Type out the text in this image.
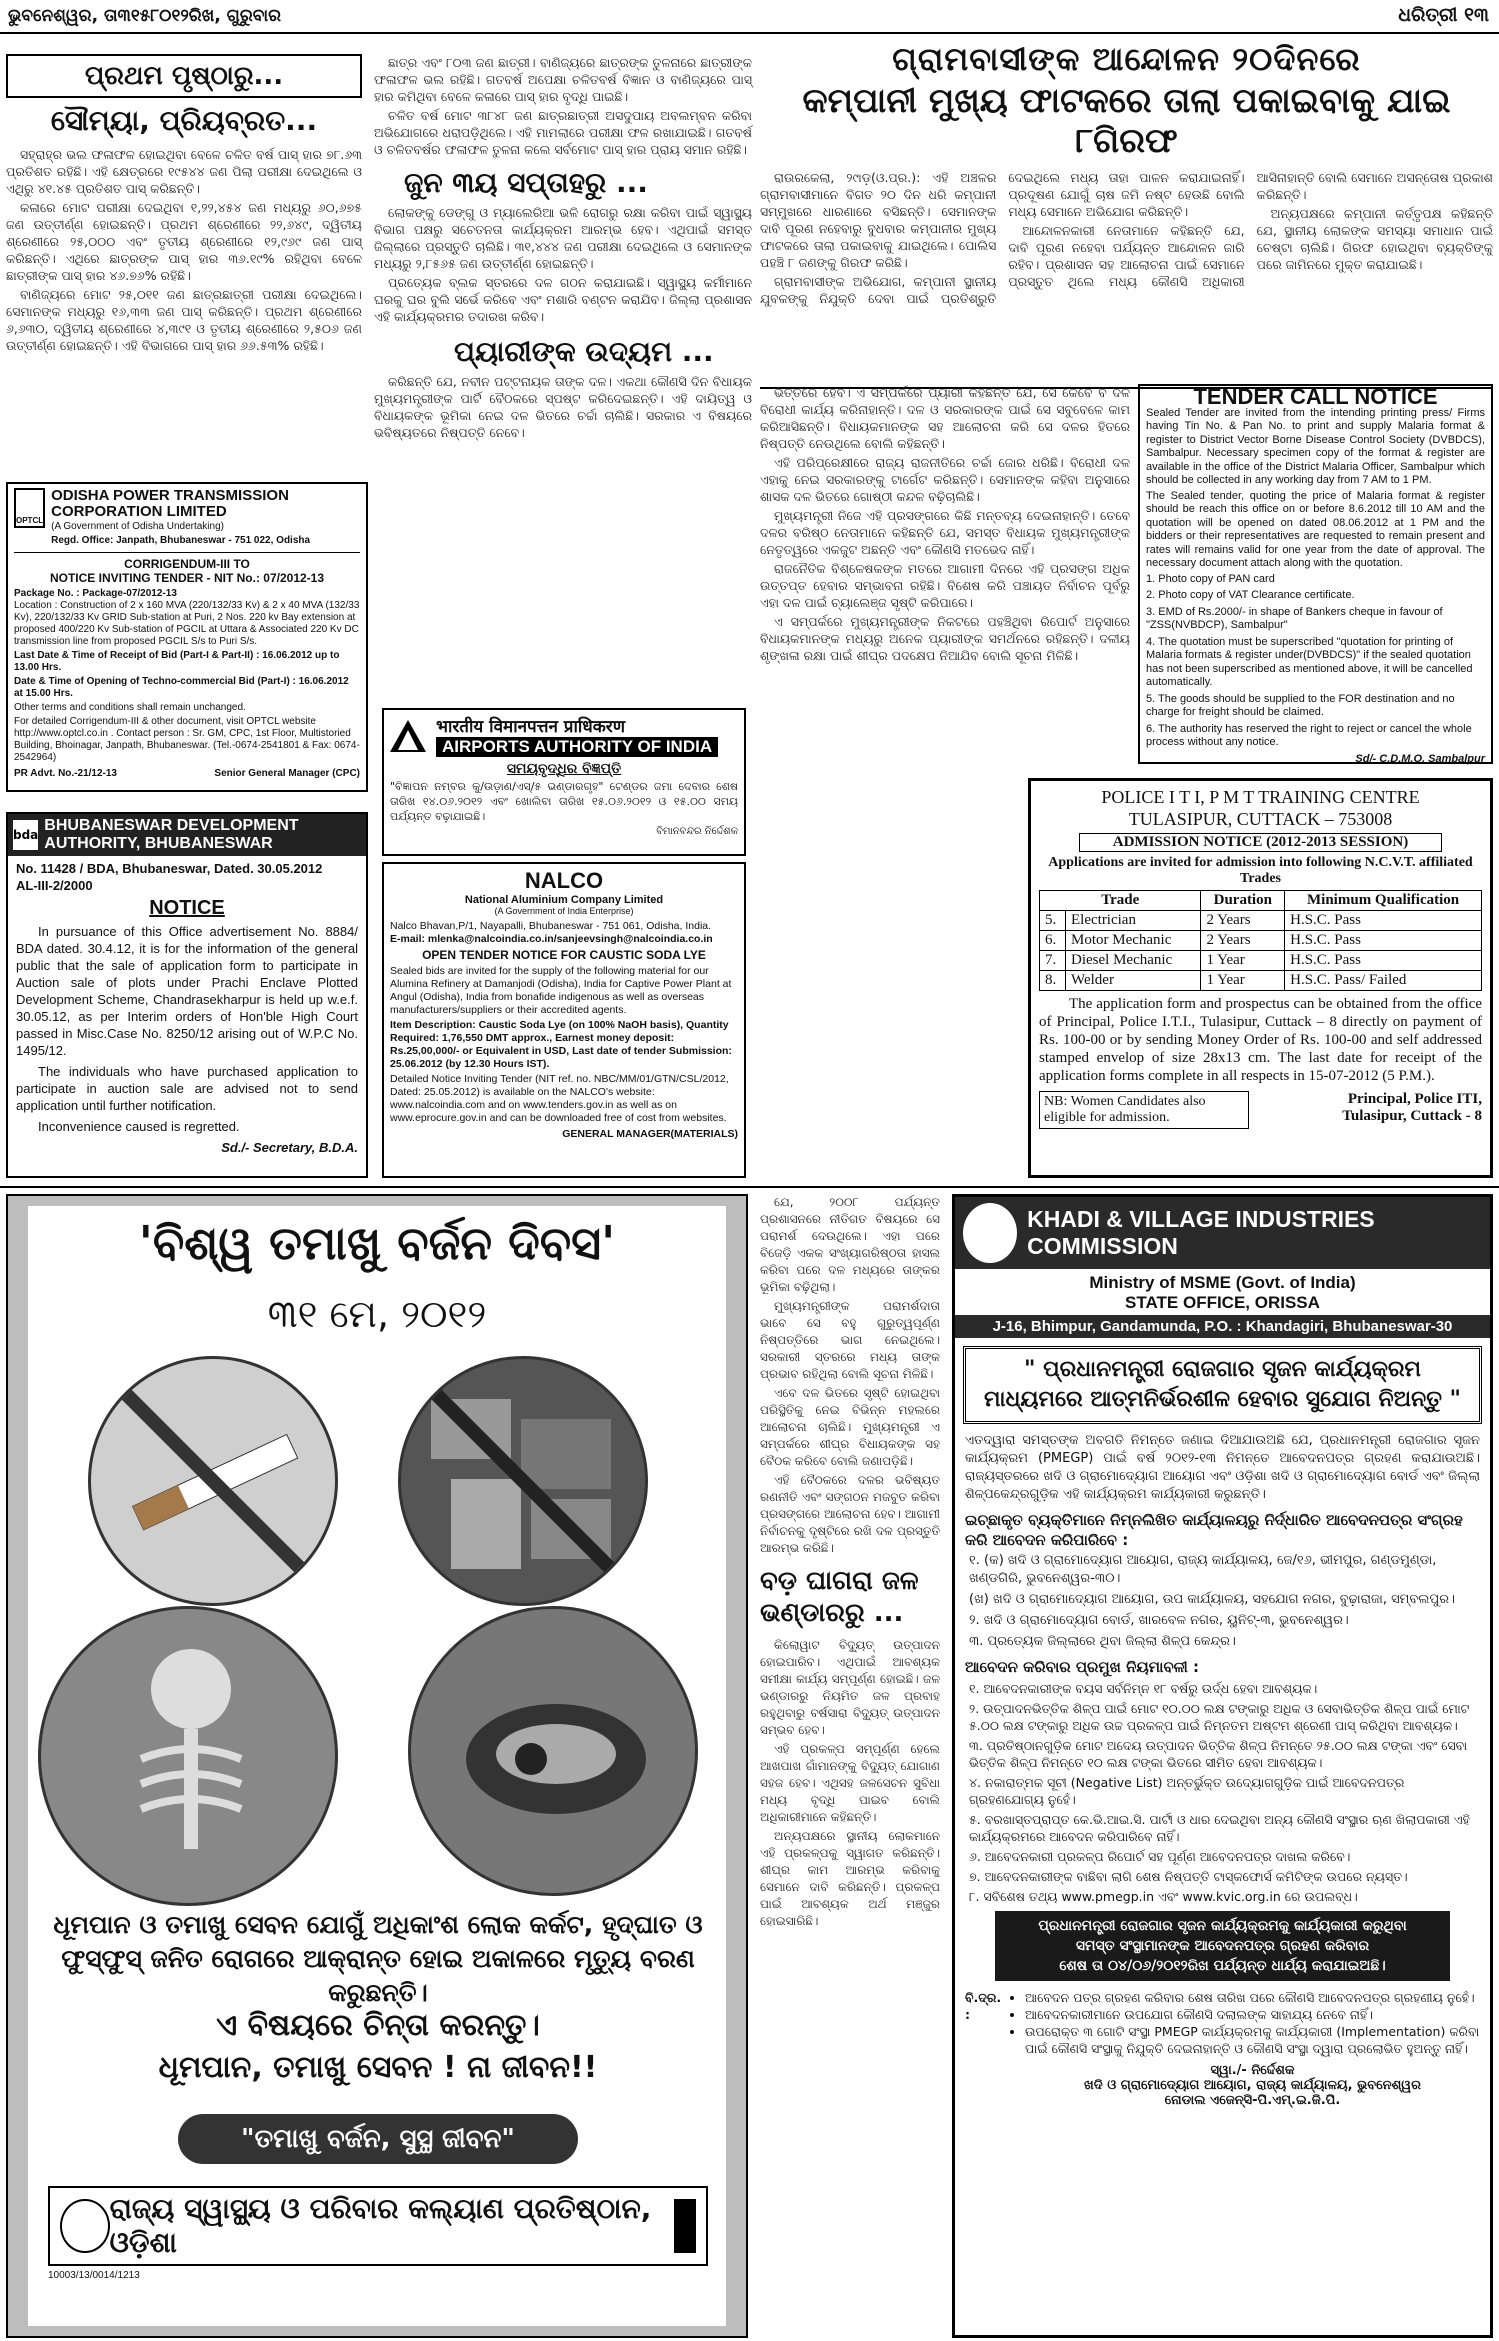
ଭୁବନେଶ୍ୱର, ତା୩୧୫୮୦୧୨ରିଖ, ଗୁରୁବାର	ଧରିତ୍ରୀ ୧୩
ପ୍ରଥମ ପୃଷ୍ଠାରୁ...
ସୌମ୍ୟା, ପ୍ରିୟବ୍ରତ...

ସହ୍ରାହ୍ର ଭଲ ଫଳାଫଳ ହୋଇଥିବା ବେଳେ ଚଳିତ ବର୍ଷ ପାସ୍ ହାର ୭୮.୬୩ ପ୍ରତିଶତ ରହିଛି। ଏହି କ୍ଷେତ୍ରରେ ୧୯୫୪୪ ଜଣ ପିଲା ପରୀକ୍ଷା ଦେଇଥିଲେ ଓ ଏଥିରୁ ୪୧.୪୫ ପ୍ରତିଶତ ପାସ୍ କରିଛନ୍ତି।

କଳାରେ ମୋଟ ପରୀକ୍ଷା ଦେଇଥିବା ୧,୨୨,୪୫୪ ଜଣ ମଧ୍ୟରୁ ୬୦,୬୭୫ ଜଣ ଉତ୍ତୀର୍ଣ୍ଣ ହୋଇଛନ୍ତି। ପ୍ରଥମ ଶ୍ରେଣୀରେ ୨୨,୬୪୯, ଦ୍ୱିତୀୟ ଶ୍ରେଣୀରେ ୨୫,୦୦୦ ଏବଂ ତୃତୀୟ ଶ୍ରେଣୀରେ ୧୨,୯୬୯ ଜଣ ପାସ୍ କରିଛନ୍ତି। ଏଥିରେ ଛାତ୍ରଙ୍କ ପାସ୍ ହାର ୩୬.୧୯% ରହିଥିବା ବେଳେ ଛାତ୍ରୀଙ୍କ ପାସ୍ ହାର ୪୬.୭୬% ରହିଛି।

ବାଣିଜ୍ୟରେ ମୋଟ ୨୫,୦୧୧ ଜଣ ଛାତ୍ରଛାତ୍ରୀ ପରୀକ୍ଷା ଦେଇଥିଲେ। ସେମାନଙ୍କ ମଧ୍ୟରୁ ୧୬,୩୩ ଜଣ ପାସ୍ କରିଛନ୍ତି। ପ୍ରଥମ ଶ୍ରେଣୀରେ ୬,୬୩୦, ଦ୍ୱିତୀୟ ଶ୍ରେଣୀରେ ୪,୩୯୧ ଓ ତୃତୀୟ ଶ୍ରେଣୀରେ ୨,୫୦୬ ଜଣ ଉତ୍ତୀର୍ଣ୍ଣ ହୋଇଛନ୍ତି। ଏହି ବିଭାଗରେ ପାସ୍ ହାର ୬୬.୫୩% ରହିଛି।

OPTCL
ODISHA POWER TRANSMISSION CORPORATION LIMITED
(A Government of Odisha Undertaking)
Regd. Office: Janpath, Bhubaneswar - 751 022, Odisha
CORRIGENDUM-III TO
NOTICE INVITING TENDER - NIT No.: 07/2012-13
Package No. : Package-07/2012-13
Location : Construction of 2 x 160 MVA (220/132/33 Kv) & 2 x 40 MVA (132/33 Kv), 220/132/33 Kv GRID Sub-station at Puri, 2 Nos. 220 kv Bay extension at proposed 400/220 Kv Sub-station of PGCIL at Uttara & Associated 220 Kv DC transmission line from proposed PGCIL S/s to Puri S/s.
Last Date & Time of Receipt of Bid (Part-I & Part-II) : 16.06.2012 up to 13.00 Hrs.
Date & Time of Opening of Techno-commercial Bid (Part-I) : 16.06.2012 at 15.00 Hrs.
Other terms and conditions shall remain unchanged.
For detailed Corrigendum-III & other document, visit OPTCL website http://www.optcl.co.in . Contact person : Sr. GM, CPC, 1st Floor, Multistoried Building, Bhoinagar, Janpath, Bhubaneswar. (Tel.-0674-2541801 & Fax: 0674-2542964)
PR Advt. No.-21/12-13	Senior General Manager (CPC)
bda
BHUBANESWAR DEVELOPMENT AUTHORITY, BHUBANESWAR
No. 11428 / BDA, Bhubaneswar, Dated. 30.05.2012
AL-III-2/2000
NOTICE
In pursuance of this Office advertisement No. 8884/ BDA dated. 30.4.12, it is for the information of the general public that the sale of application form to participate in Auction sale of plots under Prachi Enclave Plotted Development Scheme, Chandrasekharpur is held up w.e.f. 30.05.12, as per Interim orders of Hon'ble High Court passed in Misc.Case No. 8250/12 arising out of W.P.C No. 1495/12.
The individuals who have purchased application to participate in auction sale are advised not to send application until further notification.
Inconvenience caused is regretted.
Sd./- Secretary, B.D.A.

ଛାତ୍ର ଏବଂ ୮୦୩ ଜଣ ଛାତ୍ରୀ। ବାଣିଜ୍ୟରେ ଛାତ୍ରଙ୍କ ତୁଳନାରେ ଛାତ୍ରୀଙ୍କ ଫଳାଫଳ ଭଲ ରହିଛି। ଗତବର୍ଷ ଅପେକ୍ଷା ଚଳିତବର୍ଷ ବିଜ୍ଞାନ ଓ ବାଣିଜ୍ୟରେ ପାସ୍ ହାର କମିଥିବା ବେଳେ କଳାରେ ପାସ୍ ହାର ବୃଦ୍ଧି ପାଇଛି।

ଚଳିତ ବର୍ଷ ମୋଟ ୩୮୪୮ ଜଣ ଛାତ୍ରଛାତ୍ରୀ ଅସଦୁପାୟ ଅବଲମ୍ବନ କରିବା ଅଭିଯୋଗରେ ଧରାପଡ଼ିଥିଲେ। ଏହି ମାମଲାରେ ପରୀକ୍ଷା ଫଳ ରଖାଯାଇଛି। ଗତବର୍ଷ ଓ ଚଳିତବର୍ଷର ଫଳାଫଳ ତୁଳନା କଲେ ସର୍ବମୋଟ ପାସ୍ ହାର ପ୍ରାୟ ସମାନ ରହିଛି।

ଜୁନ ୩ୟ ସପ୍ତାହରୁ ...

ଲୋକଙ୍କୁ ଡେଙ୍ଗୁ ଓ ମ୍ୟାଲେରିଆ ଭଳି ରୋଗରୁ ରକ୍ଷା କରିବା ପାଇଁ ସ୍ୱାସ୍ଥ୍ୟ ବିଭାଗ ପକ୍ଷରୁ ସଚେତନତା କାର୍ଯ୍ୟକ୍ରମ ଆରମ୍ଭ ହେବ। ଏଥିପାଇଁ ସମସ୍ତ ଜିଲ୍ଲାରେ ପ୍ରସ୍ତୁତି ଚାଲିଛି। ୩୧,୪୪୪ ଜଣ ପରୀକ୍ଷା ଦେଇଥିଲେ ଓ ସେମାନଙ୍କ ମଧ୍ୟରୁ ୨,୮୫୬୫ ଜଣ ଉତ୍ତୀର୍ଣ୍ଣ ହୋଇଛନ୍ତି।

ପ୍ରତ୍ୟେକ ବ୍ଲକ ସ୍ତରରେ ଦଳ ଗଠନ କରାଯାଇଛି। ସ୍ୱାସ୍ଥ୍ୟ କର୍ମୀମାନେ ଘରକୁ ଘର ବୁଲି ସର୍ଭେ କରିବେ ଏବଂ ମଶାରି ବଣ୍ଟନ କରାଯିବ। ଜିଲ୍ଲା ପ୍ରଶାସନ ଏହି କାର୍ଯ୍ୟକ୍ରମର ତଦାରଖ କରିବ।

ପ୍ୟାରୀଙ୍କ ଉଦ୍ୟମ ...

କରିଛନ୍ତି ଯେ, ନବୀନ ପଟ୍ଟନାୟକ ତାଙ୍କ ଦଳ। ଏକଥା କୌଣସି ଦିନ ବିଧାୟକ ମୁଖ୍ୟମନ୍ତ୍ରୀଙ୍କ ପାର୍ଟି ବୈଠକରେ ସ୍ପଷ୍ଟ କରିଦେଇଛନ୍ତି। ଏହି ଦାୟିତ୍ୱ ଓ ବିଧାୟକଙ୍କ ଭୂମିକା ନେଇ ଦଳ ଭିତରେ ଚର୍ଚ୍ଚା ଚାଲିଛି। ସରକାର ଏ ବିଷୟରେ ଭବିଷ୍ୟତରେ ନିଷ୍ପତ୍ତି ନେବେ।

भारतीय विमानपत्तन प्राधिकरण
AIRPORTS AUTHORITY OF INDIA
ସମୟବୃଦ୍ଧିର ବିଜ୍ଞପ୍ତି
"ବିଜ୍ଞାପନ ନମ୍ବର କୁ/ଉଡ଼ାଣ/ଏସ୍/୫ ଭଣ୍ଡାରଗୃହ" ଟେଣ୍ଡର ଜମା ଦେବାର ଶେଷ ତାରିଖ ୧୪.୦୬.୨୦୧୨ ଏବଂ ଖୋଲିବା ତାରିଖ ୧୫.୦୬.୨୦୧୨ ଓ ୧୫.୦୦ ସମୟ ପର୍ଯ୍ୟନ୍ତ ବଢ଼ାଯାଇଛି।
ବିମାନବନ୍ଦର ନିର୍ଦ୍ଦେଶକ
NALCO
National Aluminium Company Limited
(A Government of India Enterprise)
Nalco Bhavan,P/1, Nayapalli, Bhubaneswar - 751 061, Odisha, India.
E-mail: mlenka@nalcoindia.co.in/sanjeevsingh@nalcoindia.co.in
OPEN TENDER NOTICE FOR CAUSTIC SODA LYE
Sealed bids are invited for the supply of the following material for our Alumina Refinery at Damanjodi (Odisha), India for Captive Power Plant at Angul (Odisha), India from bonafide indigenous as well as overseas manufacturers/suppliers or their accredited agents.
Item Description: Caustic Soda Lye (on 100% NaOH basis), Quantity Required: 1,76,550 DMT approx., Earnest money deposit: Rs.25,00,000/- or Equivalent in USD, Last date of tender Submission: 25.06.2012 (by 12.30 Hours IST).
Detailed Notice Inviting Tender (NIT ref. no. NBC/MM/01/GTN/CSL/2012, Dated: 25.05.2012) is available on the NALCO's website: www.nalcoindia.com and on www.tenders.gov.in as well as on www.eprocure.gov.in and can be downloaded free of cost from websites.
GENERAL MANAGER(MATERIALS)
ଗ୍ରାମବାସୀଙ୍କ ଆନ୍ଦୋଳନ ୨୦ଦିନରେ
କମ୍ପାନୀ ମୁଖ୍ୟ ଫାଟକରେ ତାଲା ପକାଇବାକୁ ଯାଇ ୮ଗିରଫ

ରାଉରକେଲା, ୨୯ାଡ଼(ଓ.ପ୍ର.): ଏହି ଅଞ୍ଚଳର ଗ୍ରାମବାସୀମାନେ ବିଗତ ୨୦ ଦିନ ଧରି କମ୍ପାନୀ ସମ୍ମୁଖରେ ଧାରଣାରେ ବସିଛନ୍ତି। ସେମାନଙ୍କ ଦାବି ପୂରଣ ନହେବାରୁ ବୁଧବାର କମ୍ପାନୀର ମୁଖ୍ୟ ଫାଟକରେ ତାଲା ପକାଇବାକୁ ଯାଇଥିଲେ। ପୋଲିସ ପହଞ୍ଚି ୮ ଜଣଙ୍କୁ ଗିରଫ କରିଛି।

ଗ୍ରାମବାସୀଙ୍କ ଅଭିଯୋଗ, କମ୍ପାନୀ ସ୍ଥାନୀୟ ଯୁବକଙ୍କୁ ନିଯୁକ୍ତି ଦେବା ପାଇଁ ପ୍ରତିଶ୍ରୁତି ଦେଇଥିଲେ ମଧ୍ୟ ତାହା ପାଳନ କରାଯାଇନାହିଁ। ପ୍ରଦୂଷଣ ଯୋଗୁଁ ଚାଷ ଜମି ନଷ୍ଟ ହେଉଛି ବୋଲି ମଧ୍ୟ ସେମାନେ ଅଭିଯୋଗ କରିଛନ୍ତି।

ଆନ୍ଦୋଳନକାରୀ ନେତାମାନେ କହିଛନ୍ତି ଯେ, ଦାବି ପୂରଣ ନହେବା ପର୍ଯ୍ୟନ୍ତ ଆନ୍ଦୋଳନ ଜାରି ରହିବ। ପ୍ରଶାସନ ସହ ଆଲୋଚନା ପାଇଁ ସେମାନେ ପ୍ରସ୍ତୁତ ଥିଲେ ମଧ୍ୟ କୌଣସି ଅଧିକାରୀ ଆସିନାହାନ୍ତି ବୋଲି ସେମାନେ ଅସନ୍ତୋଷ ପ୍ରକାଶ କରିଛନ୍ତି।

ଅନ୍ୟପକ୍ଷରେ କମ୍ପାନୀ କର୍ତ୍ତୃପକ୍ଷ କହିଛନ୍ତି ଯେ, ସ୍ଥାନୀୟ ଲୋକଙ୍କ ସମସ୍ୟା ସମାଧାନ ପାଇଁ ଚେଷ୍ଟା ଚାଲିଛି। ଗିରଫ ହୋଇଥିବା ବ୍ୟକ୍ତିଙ୍କୁ ପରେ ଜାମିନରେ ମୁକ୍ତ କରାଯାଇଛି।

ଭିତ୍ତିରେ ହେବ। ଏ ସମ୍ପର୍କରେ ପ୍ୟାରୀ କହିଛନ୍ତି ଯେ, ସେ କେବେ ବି ଦଳ ବିରୋଧୀ କାର୍ଯ୍ୟ କରିନାହାନ୍ତି। ଦଳ ଓ ସରକାରଙ୍କ ପାଇଁ ସେ ସବୁବେଳେ କାମ କରିଆସିଛନ୍ତି। ବିଧାୟକମାନଙ୍କ ସହ ଆଲୋଚନା କରି ସେ ଦଳର ହିତରେ ନିଷ୍ପତ୍ତି ନେଉଥିଲେ ବୋଲି କହିଛନ୍ତି।

ଏହି ପରିପ୍ରେକ୍ଷୀରେ ରାଜ୍ୟ ରାଜନୀତିରେ ଚର୍ଚ୍ଚା ଜୋର ଧରିଛି। ବିରୋଧୀ ଦଳ ଏହାକୁ ନେଇ ସରକାରଙ୍କୁ ଟାର୍ଗେଟ କରିଛନ୍ତି। ସେମାନଙ୍କ କହିବା ଅନୁସାରେ ଶାସକ ଦଳ ଭିତରେ ଗୋଷ୍ଠୀ କନ୍ଦଳ ବଢ଼ିଚାଲିଛି।

ମୁଖ୍ୟମନ୍ତ୍ରୀ ନିଜେ ଏହି ପ୍ରସଙ୍ଗରେ କିଛି ମନ୍ତବ୍ୟ ଦେଇନାହାନ୍ତି। ତେବେ ଦଳର ବରିଷ୍ଠ ନେତାମାନେ କହିଛନ୍ତି ଯେ, ସମସ୍ତ ବିଧାୟକ ମୁଖ୍ୟମନ୍ତ୍ରୀଙ୍କ ନେତୃତ୍ୱରେ ଏକଜୁଟ ଅଛନ୍ତି ଏବଂ କୌଣସି ମତଭେଦ ନାହିଁ।

ରାଜନୈତିକ ବିଶ୍ଳେଷକଙ୍କ ମତରେ ଆଗାମୀ ଦିନରେ ଏହି ପ୍ରସଙ୍ଗ ଅଧିକ ଉତ୍ତପ୍ତ ହେବାର ସମ୍ଭାବନା ରହିଛି। ବିଶେଷ କରି ପଞ୍ଚାୟତ ନିର୍ବାଚନ ପୂର୍ବରୁ ଏହା ଦଳ ପାଇଁ ଚ୍ୟାଲେଞ୍ଜ ସୃଷ୍ଟି କରିପାରେ।

ଏ ସମ୍ପର୍କରେ ମୁଖ୍ୟମନ୍ତ୍ରୀଙ୍କ ନିକଟରେ ପହଞ୍ଚିଥିବା ରିପୋର୍ଟ ଅନୁସାରେ ବିଧାୟକମାନଙ୍କ ମଧ୍ୟରୁ ଅନେକ ପ୍ୟାରୀଙ୍କ ସମର୍ଥନରେ ରହିଛନ୍ତି। ଦଳୀୟ ଶୃଙ୍ଖଳା ରକ୍ଷା ପାଇଁ ଶୀଘ୍ର ପଦକ୍ଷେପ ନିଆଯିବ ବୋଲି ସୂଚନା ମିଳିଛି।

TENDER CALL NOTICE
Sealed Tender are invited from the intending printing press/ Firms having Tin No. & Pan No. to print and supply Malaria format & register to District Vector Borne Disease Control Society (DVBDCS), Sambalpur. Necessary specimen copy of the format & register are available in the office of the District Malaria Officer, Sambalpur which should be collected in any working day from 7 AM to 1 PM.
The Sealed tender, quoting the price of Malaria format & register should be reach this office on or before 8.6.2012 till 10 AM and the quotation will be opened on dated 08.06.2012 at 1 PM and the bidders or their representatives are requested to remain present and rates will remains valid for one year from the date of approval. The necessary document attach along with the quotation.
1. Photo copy of PAN card
2. Photo copy of VAT Clearance certificate.
3. EMD of Rs.2000/- in shape of Bankers cheque in favour of "ZSS(NVBDCP), Sambalpur"
4. The quotation must be superscribed "quotation for printing of Malaria formats & register under(DVBDCS)" if the sealed quotation has not been superscribed as mentioned above, it will be cancelled automatically.
5. The goods should be supplied to the FOR destination and no charge for freight should be claimed.
6. The authority has reserved the right to reject or cancel the whole process without any notice.
Sd/- C.D.M.O. Sambalpur
POLICE I T I, P M T TRAINING CENTRE
TULASIPUR, CUTTACK – 753008
ADMISSION NOTICE (2012-2013 SESSION)
Applications are invited for admission into following N.C.V.T. affiliated Trades
Trade		Duration	Minimum Qualification
5.	Electrician	2 Years	H.S.C. Pass
6.	Motor Mechanic	2 Years	H.S.C. Pass
7.	Diesel Mechanic	1 Year	H.S.C. Pass
8.	Welder	1 Year	H.S.C. Pass/ Failed
The application form and prospectus can be obtained from the office of Principal, Police I.T.I., Tulasipur, Cuttack – 8 directly on payment of Rs. 100-00 or by sending Money Order of Rs. 100-00 and self addressed stamped envelop of size 28x13 cm. The last date for receipt of the application forms complete in all respects in 15-07-2012 (5 P.M.).
NB: Women Candidates also eligible for admission.
Principal, Police ITI,
Tulasipur, Cuttack - 8
'ବିଶ୍ୱ ତମାଖୁ ବର୍ଜନ ଦିବସ'
୩୧ ମେ, ୨୦୧୨
ଧୂମପାନ ଓ ତମାଖୁ ସେବନ ଯୋଗୁଁ ଅଧିକାଂଶ ଲୋକ କର୍କଟ, ହୃଦ୍‌ଘାତ ଓ ଫୁସ୍‌ଫୁସ୍ ଜନିତ ରୋଗରେ ଆକ୍ରାନ୍ତ ହୋଇ ଅକାଳରେ ମୃତ୍ୟୁ ବରଣ କରୁଛନ୍ତି।
ଏ ବିଷୟରେ ଚିନ୍ତା କରନ୍ତୁ।
ଧୂମପାନ, ତମାଖୁ ସେବନ ! ନା ଜୀବନ!!
"ତମାଖୁ ବର୍ଜନ, ସୁସ୍ଥ ଜୀବନ"
ରାଜ୍ୟ ସ୍ୱାସ୍ଥ୍ୟ ଓ ପରିବାର କଲ୍ୟାଣ ପ୍ରତିଷ୍ଠାନ, ଓଡ଼ିଶା
10003/13/0014/1213

ଯେ, ୨୦୦୮ ପର୍ଯ୍ୟନ୍ତ ପ୍ରଶାସନରେ ନୀତିଗତ ବିଷୟରେ ସେ ପରାମର୍ଶ ଦେଉଥିଲେ। ଏହା ପରେ ବିଜେଡ଼ି ଏକକ ସଂଖ୍ୟାଗରିଷ୍ଠତା ହାସଲ କରିବା ପରେ ଦଳ ମଧ୍ୟରେ ତାଙ୍କର ଭୂମିକା ବଢ଼ିଥିଲା।

ମୁଖ୍ୟମନ୍ତ୍ରୀଙ୍କ ପରାମର୍ଶଦାତା ଭାବେ ସେ ବହୁ ଗୁରୁତ୍ୱପୂର୍ଣ୍ଣ ନିଷ୍ପତ୍ତିରେ ଭାଗ ନେଇଥିଲେ। ସରକାରୀ ସ୍ତରରେ ମଧ୍ୟ ତାଙ୍କ ପ୍ରଭାବ ରହିଥିଲା ବୋଲି ସୂଚନା ମିଳିଛି।

ଏବେ ଦଳ ଭିତରେ ସୃଷ୍ଟି ହୋଇଥିବା ପରିସ୍ଥିତିକୁ ନେଇ ବିଭିନ୍ନ ମହଲରେ ଆଲୋଚନା ଚାଲିଛି। ମୁଖ୍ୟମନ୍ତ୍ରୀ ଏ ସମ୍ପର୍କରେ ଶୀଘ୍ର ବିଧାୟକଙ୍କ ସହ ବୈଠକ କରିବେ ବୋଲି ଜଣାପଡ଼ିଛି।

ଏହି ବୈଠକରେ ଦଳର ଭବିଷ୍ୟତ ରଣନୀତି ଏବଂ ସଙ୍ଗଠନ ମଜବୁତ କରିବା ପ୍ରସଙ୍ଗରେ ଆଲୋଚନା ହେବ। ଆଗାମୀ ନିର୍ବାଚନକୁ ଦୃଷ୍ଟିରେ ରଖି ଦଳ ପ୍ରସ୍ତୁତି ଆରମ୍ଭ କରିଛି।

ବଡ଼ ଘାଗରା ଜଳ ଭଣ୍ଡାରରୁ ...

କିଲୋୱାଟ ବିଦ୍ୟୁତ୍ ଉତ୍ପାଦନ ହୋଇପାରିବ। ଏଥିପାଇଁ ଆବଶ୍ୟକ ସମୀକ୍ଷା କାର୍ଯ୍ୟ ସମ୍ପୂର୍ଣ୍ଣ ହୋଇଛି। ଜଳ ଭଣ୍ଡାରରୁ ନିୟମିତ ଜଳ ପ୍ରବାହ ରହୁଥିବାରୁ ବର୍ଷସାରା ବିଦ୍ୟୁତ୍ ଉତ୍ପାଦନ ସମ୍ଭବ ହେବ।

ଏହି ପ୍ରକଳ୍ପ ସମ୍ପୂର୍ଣ୍ଣ ହେଲେ ଆଖପାଖ ଗାଁମାନଙ୍କୁ ବିଦ୍ୟୁତ୍ ଯୋଗାଣ ସହଜ ହେବ। ଏଥିସହ ଜଳସେଚନ ସୁବିଧା ମଧ୍ୟ ବୃଦ୍ଧି ପାଇବ ବୋଲି ଅଧିକାରୀମାନେ କହିଛନ୍ତି।

ଅନ୍ୟପକ୍ଷରେ ସ୍ଥାନୀୟ ଲୋକମାନେ ଏହି ପ୍ରକଳ୍ପକୁ ସ୍ୱାଗତ କରିଛନ୍ତି। ଶୀଘ୍ର କାମ ଆରମ୍ଭ କରିବାକୁ ସେମାନେ ଦାବି କରିଛନ୍ତି। ପ୍ରକଳ୍ପ ପାଇଁ ଆବଶ୍ୟକ ଅର୍ଥ ମଞ୍ଜୁର ହୋଇସାରିଛି।

KHADI & VILLAGE INDUSTRIES COMMISSION
Ministry of MSME (Govt. of India)
STATE OFFICE, ORISSA
J-16, Bhimpur, Gandamunda, P.O. : Khandagiri, Bhubaneswar-30
" ପ୍ରଧାନମନ୍ତ୍ରୀ ରୋଜଗାର ସୃଜନ କାର୍ଯ୍ୟକ୍ରମ ମାଧ୍ୟମରେ ଆତ୍ମନିର୍ଭରଶୀଳ ହେବାର ସୁଯୋଗ ନିଅନ୍ତୁ "
ଏତଦ୍ୱାରା ସମସ୍ତଙ୍କ ଅବଗତି ନିମନ୍ତେ ଜଣାଇ ଦିଆଯାଉଅଛି ଯେ, ପ୍ରଧାନମନ୍ତ୍ରୀ ରୋଜଗାର ସୃଜନ କାର୍ଯ୍ୟକ୍ରମ (PMEGP) ପାଇଁ ବର୍ଷ ୨୦୧୨-୧୩ ନିମନ୍ତେ ଆବେଦନପତ୍ର ଗ୍ରହଣ କରାଯାଉଅଛି। ରାଜ୍ୟସ୍ତରରେ ଖଦି ଓ ଗ୍ରାମୋଦ୍ୟୋଗ ଆୟୋଗ ଏବଂ ଓଡ଼ିଶା ଖଦି ଓ ଗ୍ରାମୋଦ୍ୟୋଗ ବୋର୍ଡ ଏବଂ ଜିଲ୍ଲା ଶିଳ୍ପକେନ୍ଦ୍ରଗୁଡ଼ିକ ଏହି କାର୍ଯ୍ୟକ୍ରମ କାର୍ଯ୍ୟକାରୀ କରୁଛନ୍ତି।
ଇଚ୍ଛାକୃତ ବ୍ୟକ୍ତିମାନେ ନିମ୍ନଲିଖିତ କାର୍ଯ୍ୟାଳୟରୁ ନିର୍ଦ୍ଧାରିତ ଆବେଦନପତ୍ର ସଂଗ୍ରହ କରି ଆବେଦନ କରିପାରିବେ :
୧. (କ) ଖଦି ଓ ଗ୍ରାମୋଦ୍ୟୋଗ ଆୟୋଗ, ରାଜ୍ୟ କାର୍ଯ୍ୟାଳୟ, ଜେ/୧୬, ଭୀମପୁର, ଗଣ୍ଡମୁଣ୍ଡା, ଖଣ୍ଡଗିରି, ଭୁବନେଶ୍ୱର-୩୦।
(ଖ) ଖଦି ଓ ଗ୍ରାମୋଦ୍ୟୋଗ ଆୟୋଗ, ଉପ କାର୍ଯ୍ୟାଳୟ, ସହଯୋଗ ନଗର, ବୁଢ଼ାରାଜା, ସମ୍ବଲପୁର।
୨. ଖଦି ଓ ଗ୍ରାମୋଦ୍ୟୋଗ ବୋର୍ଡ, ଖାରବେଳ ନଗର, ୟୁନିଟ୍-୩, ଭୁବନେଶ୍ୱର।
୩. ପ୍ରତ୍ୟେକ ଜିଲ୍ଲାରେ ଥିବା ଜିଲ୍ଲା ଶିଳ୍ପ କେନ୍ଦ୍ର।
ଆବେଦନ କରିବାର ପ୍ରମୁଖ ନିୟମାବଳୀ :
୧. ଆବେଦନକାରୀଙ୍କ ବୟସ ସର୍ବନିମ୍ନ ୧୮ ବର୍ଷରୁ ଉର୍ଦ୍ଧ ହେବା ଆବଶ୍ୟକ।
୨. ଉତ୍ପାଦନଭିତ୍ତିକ ଶିଳ୍ପ ପାଇଁ ମୋଟ ୧୦.୦୦ ଲକ୍ଷ ଟଙ୍କାରୁ ଅଧିକ ଓ ସେବାଭିତ୍ତିକ ଶିଳ୍ପ ପାଇଁ ମୋଟ ୫.୦୦ ଲକ୍ଷ ଟଙ୍କାରୁ ଅଧିକ ଉଚ୍ଚ ପ୍ରକଳ୍ପ ପାଇଁ ନିମ୍ନତମ ଅଷ୍ଟମ ଶ୍ରେଣୀ ପାସ୍ କରିଥିବା ଆବଶ୍ୟକ।
୩. ପ୍ରତିଷ୍ଠାନଗୁଡ଼ିକ ମୋଟ ଅଦେୟ ଉତ୍ପାଦନ ଭିତ୍ତିକ ଶିଳ୍ପ ନିମନ୍ତେ ୨୫.୦୦ ଲକ୍ଷ ଟଙ୍କା ଏବଂ ସେବା ଭିତ୍ତିକ ଶିଳ୍ପ ନିମନ୍ତେ ୧୦ ଲକ୍ଷ ଟଙ୍କା ଭିତରେ ସୀମିତ ହେବା ଆବଶ୍ୟକ।
୪. ନକାରାତ୍ମକ ସୂଚୀ (Negative List) ଅନ୍ତର୍ଭୁକ୍ତ ଉଦ୍ୟୋଗଗୁଡ଼ିକ ପାଇଁ ଆବେଦନପତ୍ର ଗ୍ରହଣଯୋଗ୍ୟ ନୁହେଁ।
୫. ବରଖାସ୍ତପ୍ରାପ୍ତ କେ.ଭି.ଆଇ.ସି. ପାର୍ଟୀ ଓ ଧାର ଦେଇଥିବା ଅନ୍ୟ କୌଣସି ସଂସ୍ଥାର ଋଣ ଖିଲାପକାରୀ ଏହି କାର୍ଯ୍ୟକ୍ରମରେ ଆବେଦନ କରିପାରିବେ ନାହିଁ।
୬. ଆବେଦନକାରୀ ପ୍ରକଳ୍ପ ରିପୋର୍ଟ ସହ ପୂର୍ଣ୍ଣ ଆବେଦନପତ୍ର ଦାଖଲ କରିବେ।
୭. ଆବେଦନକାରୀଙ୍କ ବାଛିବା ଲାଗି ଶେଷ ନିଷ୍ପତ୍ତି ଟାସ୍କଫୋର୍ସ କମିଟିଙ୍କ ଉପରେ ନ୍ୟସ୍ତ।
୮. ସବିଶେଷ ତଥ୍ୟ www.pmegp.in ଏବଂ www.kvic.org.in ରେ ଉପଲବ୍ଧ।
ପ୍ରଧାନମନ୍ତ୍ରୀ ରୋଜଗାର ସୃଜନ କାର୍ଯ୍ୟକ୍ରମକୁ କାର୍ଯ୍ୟକାରୀ କରୁଥିବା
ସମସ୍ତ ସଂସ୍ଥାମାନଙ୍କ ଆବେଦନପତ୍ର ଗ୍ରହଣ କରିବାର
ଶେଷ ତା ୦୪/୦୬/୨୦୧୨ରିଖ ପର୍ଯ୍ୟନ୍ତ ଧାର୍ଯ୍ୟ କରାଯାଇଅଛି।
ବି.ଦ୍ର. :
• ଆବେଦନ ପତ୍ର ଗ୍ରହଣ କରିବାର ଶେଷ ତାରିଖ ପରେ କୌଣସି ଆବେଦନପତ୍ର ଗ୍ରହଣୀୟ ନୁହେଁ।
• ଆବେଦନକାରୀମାନେ ଉପଯୋଗ କୌଣସି ଦଲାଲଙ୍କ ସାହାଯ୍ୟ ନେବେ ନାହିଁ।
• ଉପରୋକ୍ତ ୩ ଗୋଟି ସଂସ୍ଥା PMEGP କାର୍ଯ୍ୟକ୍ରମକୁ କାର୍ଯ୍ୟକାରୀ (Implementation) କରିବା ପାଇଁ କୌଣସି ସଂସ୍ଥାକୁ ନିଯୁକ୍ତି ଦେଇନାହାନ୍ତି ଓ କୌଣସି ସଂସ୍ଥା ଦ୍ୱାରା ପ୍ରଲୋଭିତ ହୁଅନ୍ତୁ ନାହିଁ।
ସ୍ୱା./- ନିର୍ଦ୍ଦେଶକ
ଖଦି ଓ ଗ୍ରାମୋଦ୍ୟୋଗ ଆୟୋଗ, ରାଜ୍ୟ କାର୍ଯ୍ୟାଳୟ, ଭୁବନେଶ୍ୱର
ନୋଡାଲ ଏଜେନ୍ସି-ପି.ଏମ୍.ଇ.ଜି.ପି.
